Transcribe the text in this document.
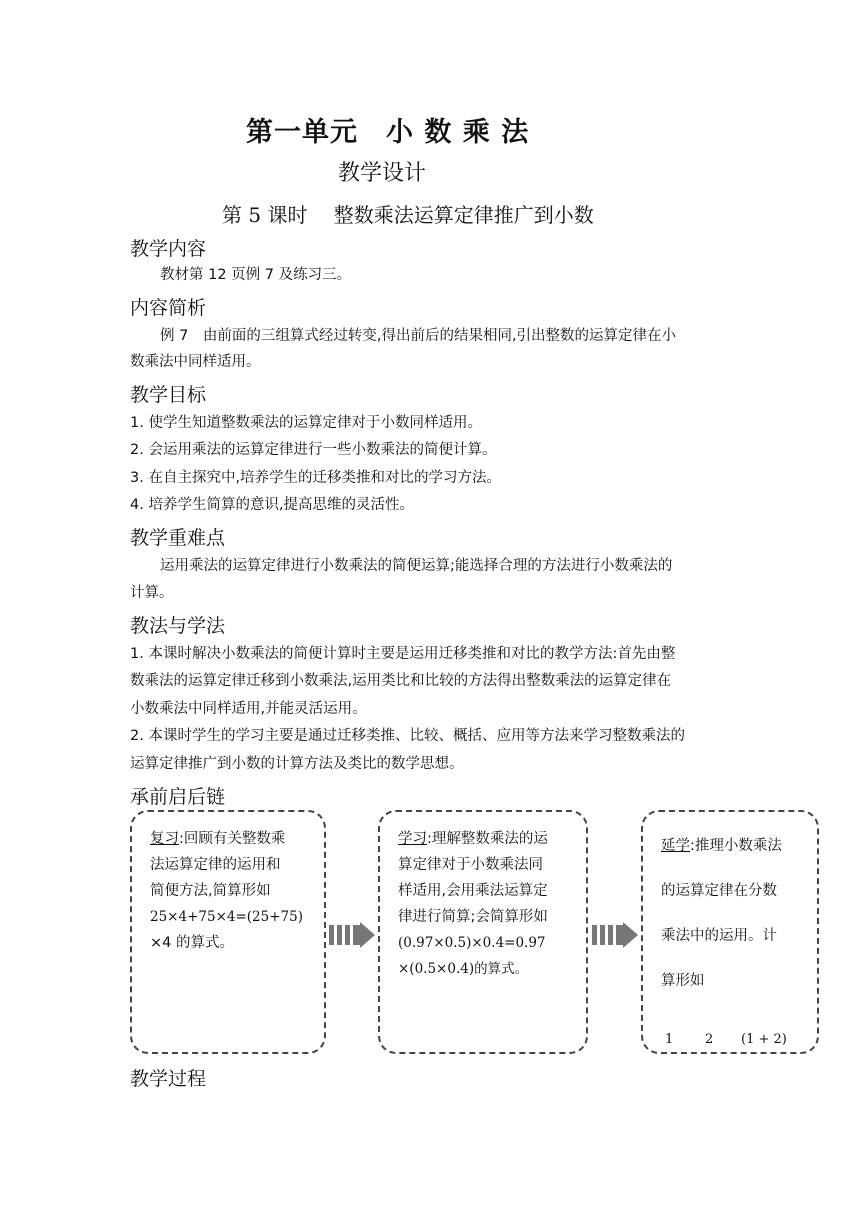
第一单元　小 数 乘 法
教学设计
第 5 课时　 整数乘法运算定律推广到小数
教学内容
教材第 12 页例 7 及练习三。
内容简析
例 7　由前面的三组算式经过转变,得出前后的结果相同,引出整数的运算定律在小
数乘法中同样适用。
教学目标
1. 使学生知道整数乘法的运算定律对于小数同样适用。
2. 会运用乘法的运算定律进行一些小数乘法的简便计算。
3. 在自主探究中,培养学生的迁移类推和对比的学习方法。
4. 培养学生简算的意识,提高思维的灵活性。
教学重难点
运用乘法的运算定律进行小数乘法的简便运算;能选择合理的方法进行小数乘法的
计算。
教法与学法
1. 本课时解决小数乘法的简便计算时主要是运用迁移类推和对比的教学方法:首先由整
数乘法的运算定律迁移到小数乘法,运用类比和比较的方法得出整数乘法的运算定律在
小数乘法中同样适用,并能灵活运用。
2. 本课时学生的学习主要是通过迁移类推、比较、概括、应用等方法来学习整数乘法的
运算定律推广到小数的计算方法及类比的数学思想。
承前启后链
复习:回顾有关整数乘
法运算定律的运用和
简便方法,简算形如
25×4+75×4=(25+75)
×4 的算式。
学习:理解整数乘法的运
算定律对于小数乘法同
样适用,会用乘法运算定
律进行简算;会简算形如
(0.97×0.5)×0.4=0.97
×(0.5×0.4)的算式。
延学:推理小数乘法
的运算定律在分数
乘法中的运用。计
算形如
1 2 (1 + 2)
教学过程
